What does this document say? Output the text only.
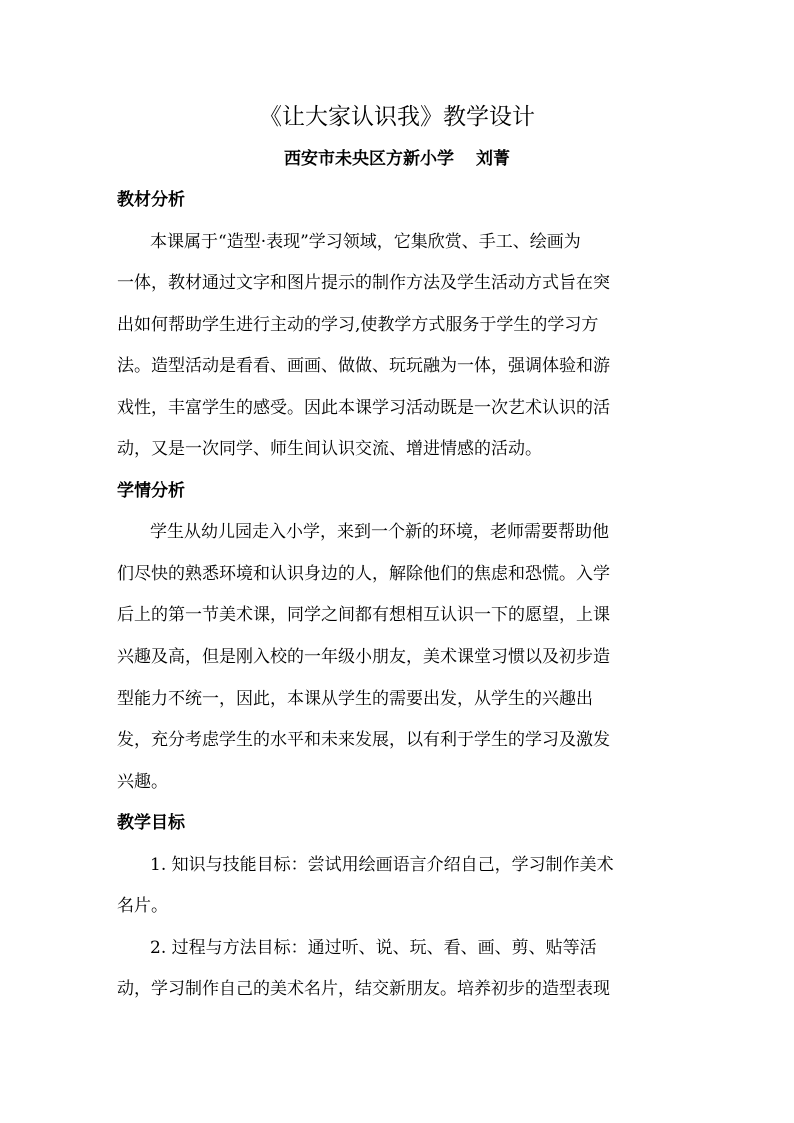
《让大家认识我》教学设计
西安市未央区方新小学 刘菁
教材分析
本课属于“造型·表现”学习领域，它集欣赏、手工、绘画为
一体，教材通过文字和图片提示的制作方法及学生活动方式旨在突
出如何帮助学生进行主动的学习,使教学方式服务于学生的学习方
法。造型活动是看看、画画、做做、玩玩融为一体，强调体验和游
戏性，丰富学生的感受。因此本课学习活动既是一次艺术认识的活
动，又是一次同学、师生间认识交流、增进情感的活动。
学情分析
学生从幼儿园走入小学，来到一个新的环境，老师需要帮助他
们尽快的熟悉环境和认识身边的人，解除他们的焦虑和恐慌。入学
后上的第一节美术课，同学之间都有想相互认识一下的愿望，上课
兴趣及高，但是刚入校的一年级小朋友，美术课堂习惯以及初步造
型能力不统一，因此，本课从学生的需要出发，从学生的兴趣出
发，充分考虑学生的水平和未来发展，以有利于学生的学习及激发
兴趣。
教学目标
1. 知识与技能目标：尝试用绘画语言介绍自己，学习制作美术
名片。
2. 过程与方法目标：通过听、说、玩、看、画、剪、贴等活
动，学习制作自己的美术名片，结交新朋友。培养初步的造型表现
